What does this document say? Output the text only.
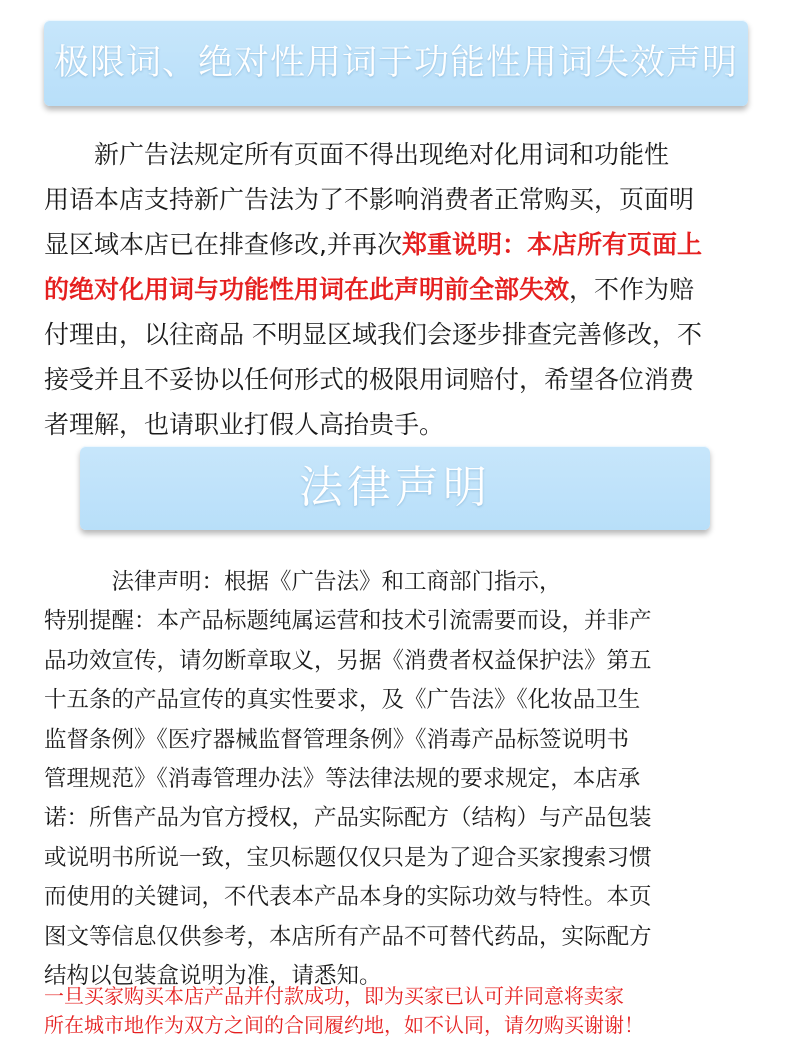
极限词、绝对性用词于功能性用词失效声明
　　新广告法规定所有页面不得出现绝对化用词和功能性
用语本店支持新广告法为了不影响消费者正常购买，页面明
显区域本店已在排查修改,并再次郑重说明：本店所有页面上
的绝对化用词与功能性用词在此声明前全部失效，不作为赔
付理由，以往商品 不明显区域我们会逐步排查完善修改，不
接受并且不妥协以任何形式的极限用词赔付，希望各位消费
者理解，也请职业打假人高抬贵手。
法律声明
　　　法律声明：根据《广告法》和工商部门指示，
特别提醒：本产品标题纯属运营和技术引流需要而设，并非产
品功效宣传，请勿断章取义，另据《消费者权益保护法》第五
十五条的产品宣传的真实性要求，及《广告法》《化妆品卫生
监督条例》《医疗器械监督管理条例》《消毒产品标签说明书
管理规范》《消毒管理办法》等法律法规的要求规定，本店承
诺：所售产品为官方授权，产品实际配方（结构）与产品包装
或说明书所说一致，宝贝标题仅仅只是为了迎合买家搜索习惯
而使用的关键词，不代表本产品本身的实际功效与特性。本页
图文等信息仅供参考，本店所有产品不可替代药品，实际配方
结构以包装盒说明为准，请悉知。
一旦买家购买本店产品并付款成功，即为买家已认可并同意将卖家
所在城市地作为双方之间的合同履约地，如不认同，请勿购买谢谢！
